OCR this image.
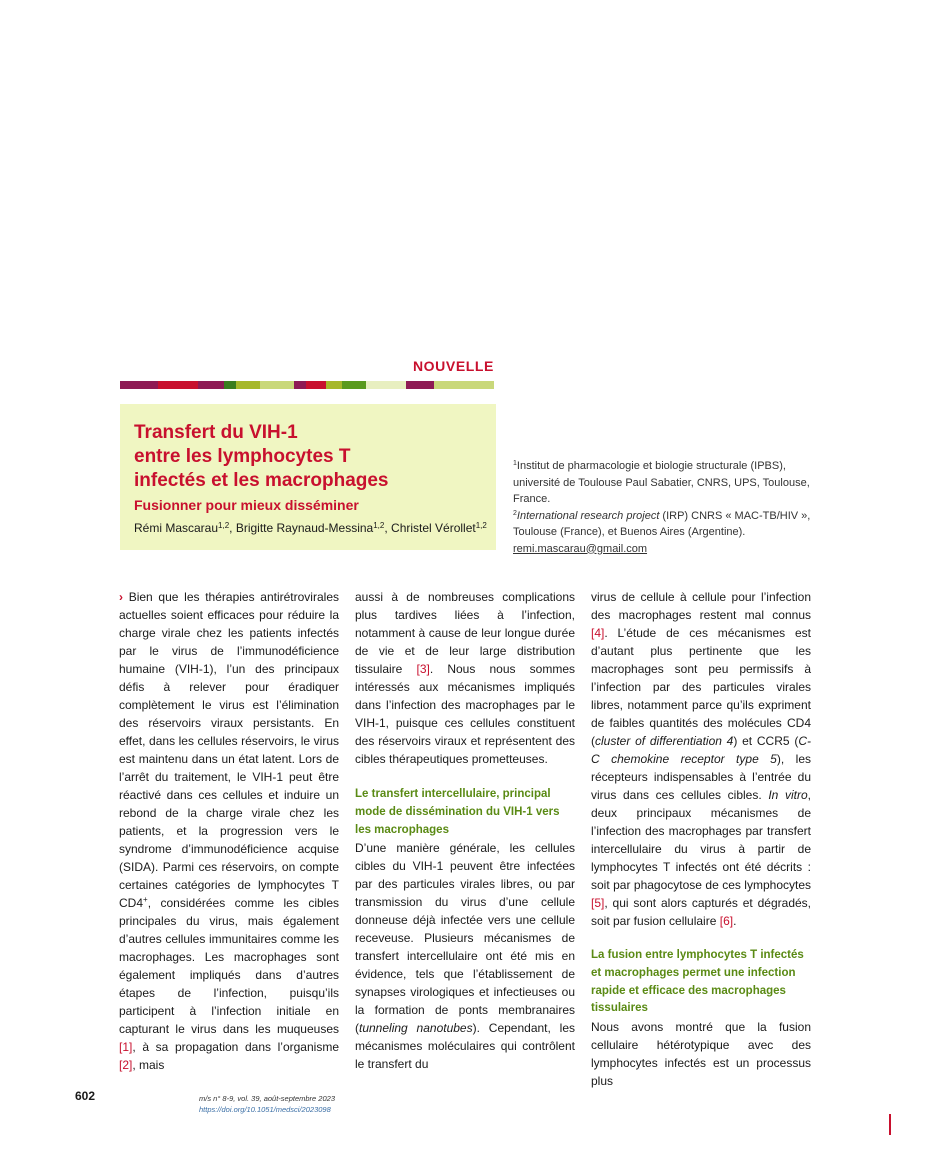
NOUVELLE
Transfert du VIH-1
entre les lymphocytes T
infectés et les macrophages
Fusionner pour mieux disséminer
Rémi Mascarau$^{1,2}$, Brigitte Raynaud-Messina$^{1,2}$, Christel Vérollet$^{1,2}$

$^1$Institut de pharmacologie et biologie structurale (IPBS), université de Toulouse Paul Sabatier, CNRS, UPS, Toulouse, France.

$^2$International research project (IRP) CNRS « MAC-TB/HIV », Toulouse (France), et Buenos Aires (Argentine).

remi.mascarau@gmail.com

› Bien que les thérapies antirétrovirales actuelles soient efficaces pour réduire la charge virale chez les patients infectés par le virus de l’immunodéficience humaine (VIH-1), l’un des principaux défis à relever pour éradiquer complètement le virus est l’élimination des réservoirs viraux persistants. En effet, dans les cellules réservoirs, le virus est maintenu dans un état latent. Lors de l’arrêt du traitement, le VIH-1 peut être réactivé dans ces cellules et induire un rebond de la charge virale chez les patients, et la progression vers le syndrome d’immunodéficience acquise (SIDA). Parmi ces réservoirs, on compte certaines catégories de lymphocytes T CD4+, considérées comme les cibles principales du virus, mais également d’autres cellules immunitaires comme les macrophages. Les macrophages sont également impliqués dans d’autres étapes de l’infection, puisqu’ils participent à l’infection initiale en capturant le virus dans les muqueuses [1], à sa propagation dans l’organisme [2], mais

aussi à de nombreuses complications plus tardives liées à l’infection, notamment à cause de leur longue durée de vie et de leur large distribution tissulaire [3]. Nous nous sommes intéressés aux mécanismes impliqués dans l’infection des macrophages par le VIH-1, puisque ces cellules constituent des réservoirs viraux et représentent des cibles thérapeutiques prometteuses.

Le transfert intercellulaire, principal mode de dissémination du VIH-1 vers les macrophages

D’une manière générale, les cellules cibles du VIH-1 peuvent être infectées par des particules virales libres, ou par transmission du virus d’une cellule donneuse déjà infectée vers une cellule receveuse. Plusieurs mécanismes de transfert intercellulaire ont été mis en évidence, tels que l’établissement de synapses virologiques et infectieuses ou la formation de ponts membranaires (tunneling nanotubes). Cependant, les mécanismes moléculaires qui contrôlent le transfert du

virus de cellule à cellule pour l’infection des macrophages restent mal connus [4]. L’étude de ces mécanismes est d’autant plus pertinente que les macrophages sont peu permissifs à l’infection par des particules virales libres, notamment parce qu’ils expriment de faibles quantités des molécules CD4 (cluster of differentiation 4) et CCR5 (C-C chemokine receptor type 5), les récepteurs indispensables à l’entrée du virus dans ces cellules cibles. In vitro, deux principaux mécanismes de l’infection des macrophages par transfert intercellulaire du virus à partir de lymphocytes T infectés ont été décrits : soit par phagocytose de ces lymphocytes [5], qui sont alors capturés et dégradés, soit par fusion cellulaire [6].

La fusion entre lymphocytes T infectés et macrophages permet une infection rapide et efficace des macrophages tissulaires

Nous avons montré que la fusion cellulaire hétérotypique avec des lymphocytes infectés est un processus plus

602	m/s n° 8-9, vol. 39, août-septembre 2023
https://doi.org/10.1051/medsci/2023098
